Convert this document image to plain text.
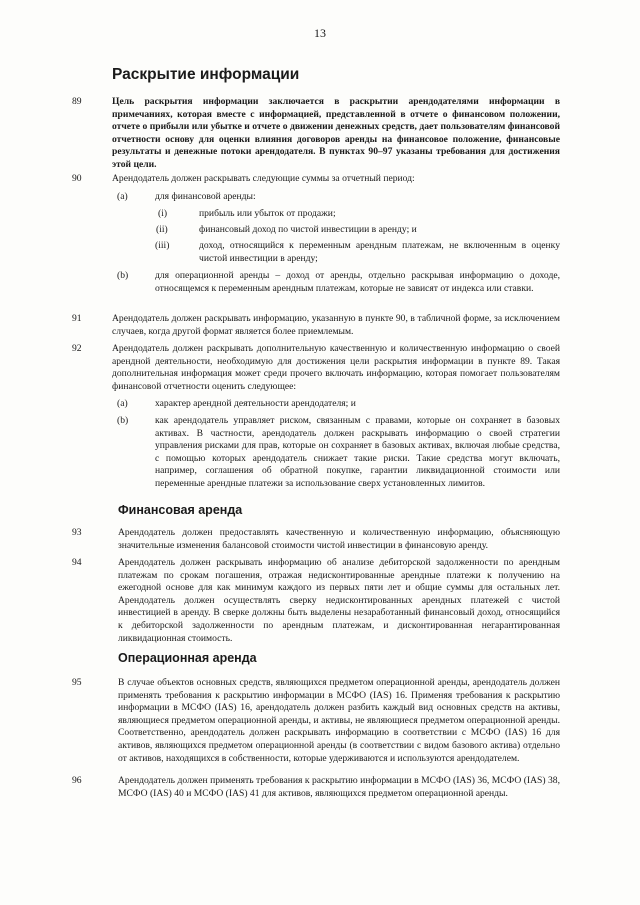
13
Раскрытие информации
89	Цель раскрытия информации заключается в раскрытии арендодателями информации в примечаниях, которая вместе с информацией, представленной в отчете о финансовом положении, отчете о прибыли или убытке и отчете о движении денежных средств, дает пользователям финансовой отчетности основу для оценки влияния договоров аренды на финансовое положение, финансовые результаты и денежные потоки арендодателя. В пунктах 90–97 указаны требования для достижения этой цели.

90	Арендодатель должен раскрывать следующие суммы за отчетный период:

(a)	для финансовой аренды:

(i)	прибыль или убыток от продажи;

(ii)	финансовый доход по чистой инвестиции в аренду; и

(iii)	доход, относящийся к переменным арендным платежам, не включенным в оценку чистой инвестиции в аренду;

(b)	для операционной аренды – доход от аренды, отдельно раскрывая информацию о доходе, относящемся к переменным арендным платежам, которые не зависят от индекса или ставки.

91	Арендодатель должен раскрывать информацию, указанную в пункте 90, в табличной форме, за исключением случаев, когда другой формат является более приемлемым.

92	Арендодатель должен раскрывать дополнительную качественную и количественную информацию о своей арендной деятельности, необходимую для достижения цели раскрытия информации в пункте 89. Такая дополнительная информация может среди прочего включать информацию, которая помогает пользователям финансовой отчетности оценить следующее:

(a)	характер арендной деятельности арендодателя; и

(b)	как арендодатель управляет риском, связанным с правами, которые он сохраняет в базовых активах. В частности, арендодатель должен раскрывать информацию о своей стратегии управления рисками для прав, которые он сохраняет в базовых активах, включая любые средства, с помощью которых арендодатель снижает такие риски. Такие средства могут включать, например, соглашения об обратной покупке, гарантии ликвидационной стоимости или переменные арендные платежи за использование сверх установленных лимитов.

Финансовая аренда
93	Арендодатель должен предоставлять качественную и количественную информацию, объясняющую значительные изменения балансовой стоимости чистой инвестиции в финансовую аренду.

94	Арендодатель должен раскрывать информацию об анализе дебиторской задолженности по арендным платежам по срокам погашения, отражая недисконтированные арендные платежи к получению на ежегодной основе для как минимум каждого из первых пяти лет и общие суммы для остальных лет. Арендодатель должен осуществлять сверку недисконтированных арендных платежей с чистой инвестицией в аренду. В сверке должны быть выделены незаработанный финансовый доход, относящийся к дебиторской задолженности по арендным платежам, и дисконтированная негарантированная ликвидационная стоимость.

Операционная аренда
95	В случае объектов основных средств, являющихся предметом операционной аренды, арендодатель должен применять требования к раскрытию информации в МСФО (IAS) 16. Применяя требования к раскрытию информации в МСФО (IAS) 16, арендодатель должен разбить каждый вид основных средств на активы, являющиеся предметом операционной аренды, и активы, не являющиеся предметом операционной аренды. Соответственно, арендодатель должен раскрывать информацию в соответствии с МСФО (IAS) 16 для активов, являющихся предметом операционной аренды (в соответствии с видом базового актива) отдельно от активов, находящихся в собственности, которые удерживаются и используются арендодателем.

96	Арендодатель должен применять требования к раскрытию информации в МСФО (IAS) 36, МСФО (IAS) 38, МСФО (IAS) 40 и МСФО (IAS) 41 для активов, являющихся предметом операционной аренды.
